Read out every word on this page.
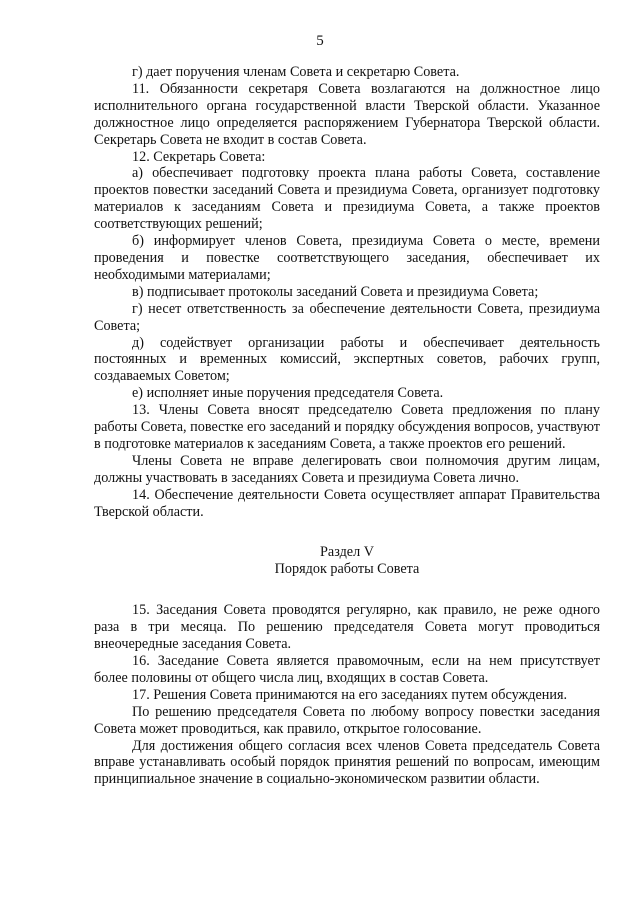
5

г) дает поручения членам Совета и секретарю Совета.

11. Обязанности секретаря Совета возлагаются на должностное лицо исполнительного органа государственной власти Тверской области. Указанное должностное лицо определяется распоряжением Губернатора Тверской области. Секретарь Совета не входит в состав Совета.

12. Секретарь Совета:

а) обеспечивает подготовку проекта плана работы Совета, составление проектов повестки заседаний Совета и президиума Совета, организует подготовку материалов к заседаниям Совета и президиума Совета, а также проектов соответствующих решений;

б) информирует членов Совета, президиума Совета о месте, времени проведения и повестке соответствующего заседания, обеспечивает их необходимыми материалами;

в) подписывает протоколы заседаний Совета и президиума Совета;

г) несет ответственность за обеспечение деятельности Совета, президиума Совета;

д) содействует организации работы и обеспечивает деятельность постоянных и временных комиссий, экспертных советов, рабочих групп, создаваемых Советом;

е) исполняет иные поручения председателя Совета.

13. Члены Совета вносят председателю Совета предложения по плану работы Совета, повестке его заседаний и порядку обсуждения вопросов, участвуют в подготовке материалов к заседаниям Совета, а также проектов его решений.

Члены Совета не вправе делегировать свои полномочия другим лицам, должны участвовать в заседаниях Совета и президиума Совета лично.

14. Обеспечение деятельности Совета осуществляет аппарат Правительства Тверской области.

Раздел V

Порядок работы Совета

15. Заседания Совета проводятся регулярно, как правило, не реже одного раза в три месяца. По решению председателя Совета могут проводиться внеочередные заседания Совета.

16. Заседание Совета является правомочным, если на нем присутствует более половины от общего числа лиц, входящих в состав Совета.

17. Решения Совета принимаются на его заседаниях путем обсуждения.

По решению председателя Совета по любому вопросу повестки заседания Совета может проводиться, как правило, открытое голосование.

Для достижения общего согласия всех членов Совета председатель Совета вправе устанавливать особый порядок принятия решений по вопросам, имеющим принципиальное значение в социально-экономическом развитии области.
